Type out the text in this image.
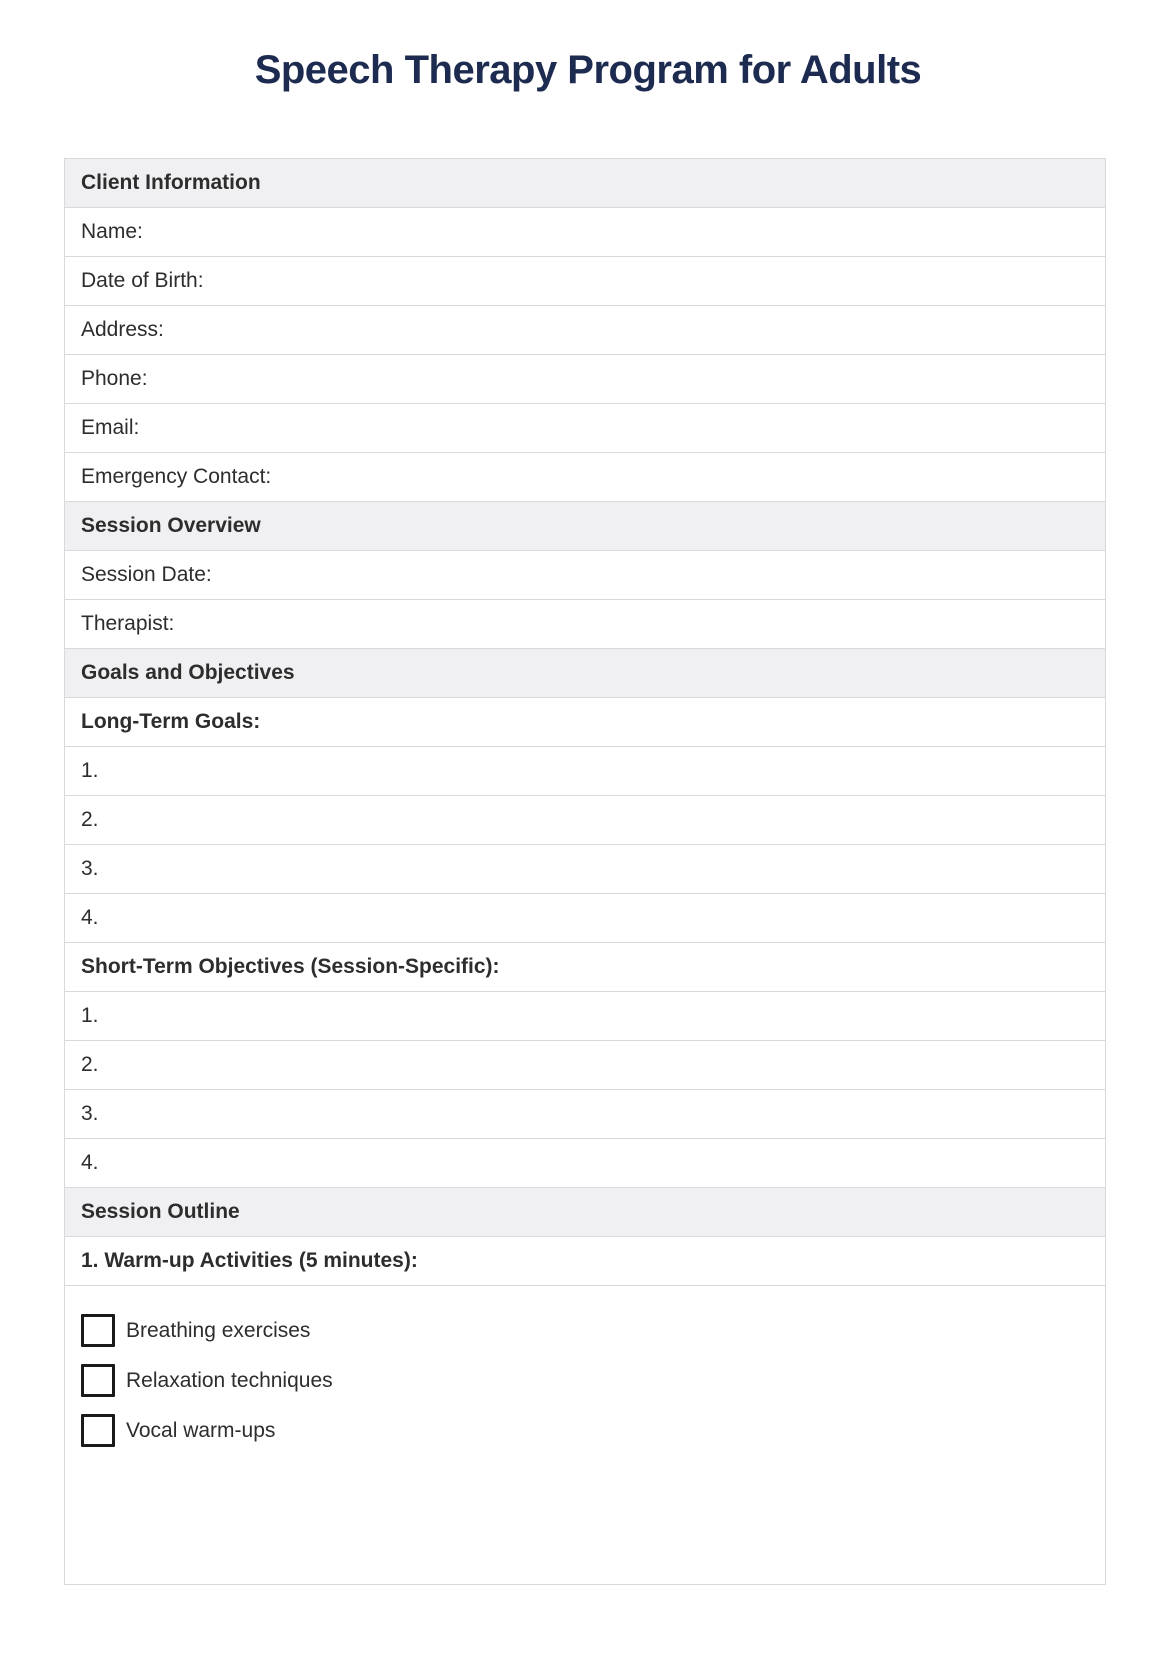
Speech Therapy Program for Adults
Client Information
Name:
Date of Birth:
Address:
Phone:
Email:
Emergency Contact:
Session Overview
Session Date:
Therapist:
Goals and Objectives
Long-Term Goals:
1.
2.
3.
4.
Short-Term Objectives (Session-Specific):
1.
2.
3.
4.
Session Outline
1. Warm-up Activities (5 minutes):

Breathing exercises
Relaxation techniques
Vocal warm-ups
